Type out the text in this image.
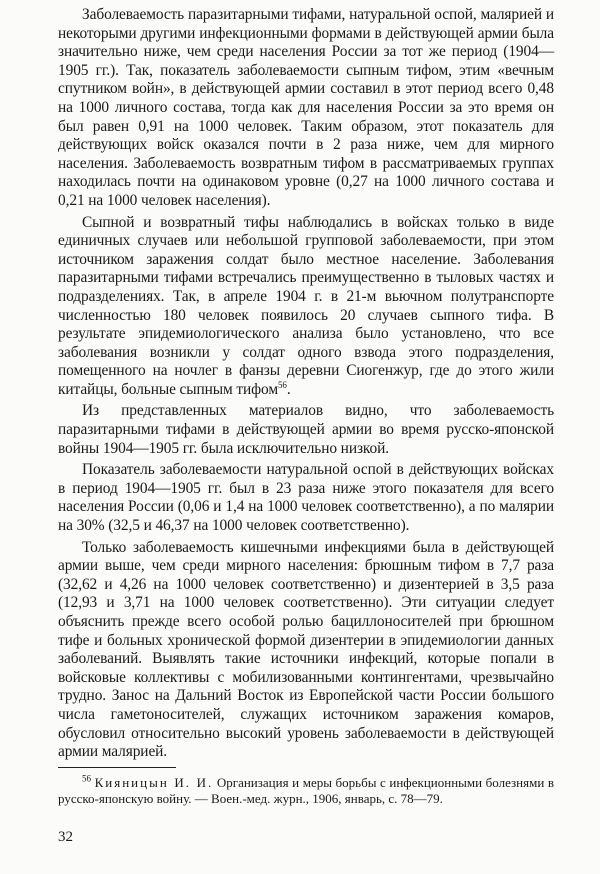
Заболеваемость паразитарными тифами, натуральной оспой, малярией и некоторыми другими инфекционными формами в действующей армии была значительно ниже, чем среди населения России за тот же период (1904—1905 гг.). Так, показатель заболеваемости сыпным тифом, этим «вечным спутником войн», в действующей армии составил в этот период всего 0,48 на 1000 личного состава, тогда как для населения России за это время он был равен 0,91 на 1000 человек. Таким образом, этот показатель для действующих войск оказался почти в 2 раза ниже, чем для мирного населения. Заболеваемость возвратным тифом в рассматриваемых группах находилась почти на одинаковом уровне (0,27 на 1000 личного состава и 0,21 на 1000 человек населения).

Сыпной и возвратный тифы наблюдались в войсках только в виде единичных случаев или небольшой групповой заболеваемости, при этом источником заражения солдат было местное население. Заболевания паразитарными тифами встречались преимущественно в тыловых частях и подразделениях. Так, в апреле 1904 г. в 21-м вьючном полутранспорте численностью 180 человек появилось 20 случаев сыпного тифа. В результате эпидемиологического анализа было установлено, что все заболевания возникли у солдат одного взвода этого подразделения, помещенного на ночлег в фанзы деревни Сиогенжур, где до этого жили китайцы, больные сыпным тифом$^{56}$.

Из представленных материалов видно, что заболеваемость паразитарными тифами в действующей армии во время русско-японской войны 1904—1905 гг. была исключительно низкой.

Показатель заболеваемости натуральной оспой в действующих войсках в период 1904—1905 гг. был в 23 раза ниже этого показателя для всего населения России (0,06 и 1,4 на 1000 человек соответственно), а по малярии на 30% (32,5 и 46,37 на 1000 человек соответственно).

Только заболеваемость кишечными инфекциями была в действующей армии выше, чем среди мирного населения: брюшным тифом в 7,7 раза (32,62 и 4,26 на 1000 человек соответственно) и дизентерией в 3,5 раза (12,93 и 3,71 на 1000 человек соответственно). Эти ситуации следует объяснить прежде всего особой ролью бациллоносителей при брюшном тифе и больных хронической формой дизентерии в эпидемиологии данных заболеваний. Выявлять такие источники инфекций, которые попали в войсковые коллективы с мобилизованными контингентами, чрезвычайно трудно. Занос на Дальний Восток из Европейской части России большого числа гаметоносителей, служащих источником заражения комаров, обусловил относительно высокий уровень заболеваемости в действующей армии малярией.

$^{56}$ Кияницын И. И. Организация и меры борьбы с инфекционными болезнями в русско-японскую войну. — Воен.-мед. журн., 1906, январь, с. 78—79.
32
